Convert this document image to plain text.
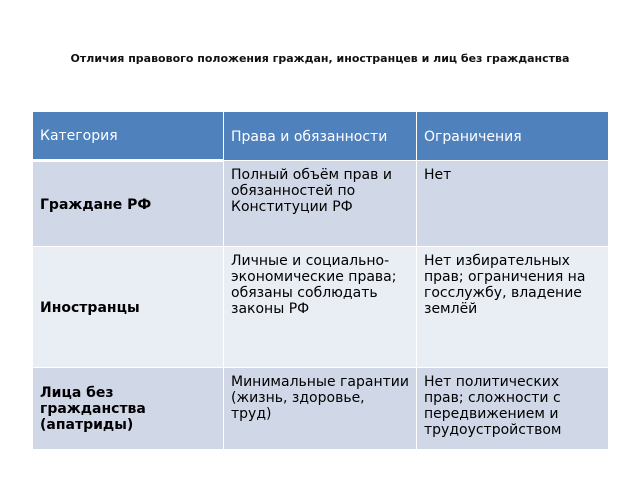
Отличия правового положения граждан, иностранцев и лиц без гражданства
Категория	Права и обязанности	Ограничения

Граждане РФ	Полный объём прав и обязанностей по Конституции РФ	Нет

Иностранцы	Личные и социально-экономические права; обязаны соблюдать законы РФ	Нет избирательных прав; ограничения на госслужбу, владение землёй

Лица без гражданства (апатриды)	Минимальные гарантии (жизнь, здоровье, труд)	Нет политических прав; сложности с передвижением и трудоустройством
